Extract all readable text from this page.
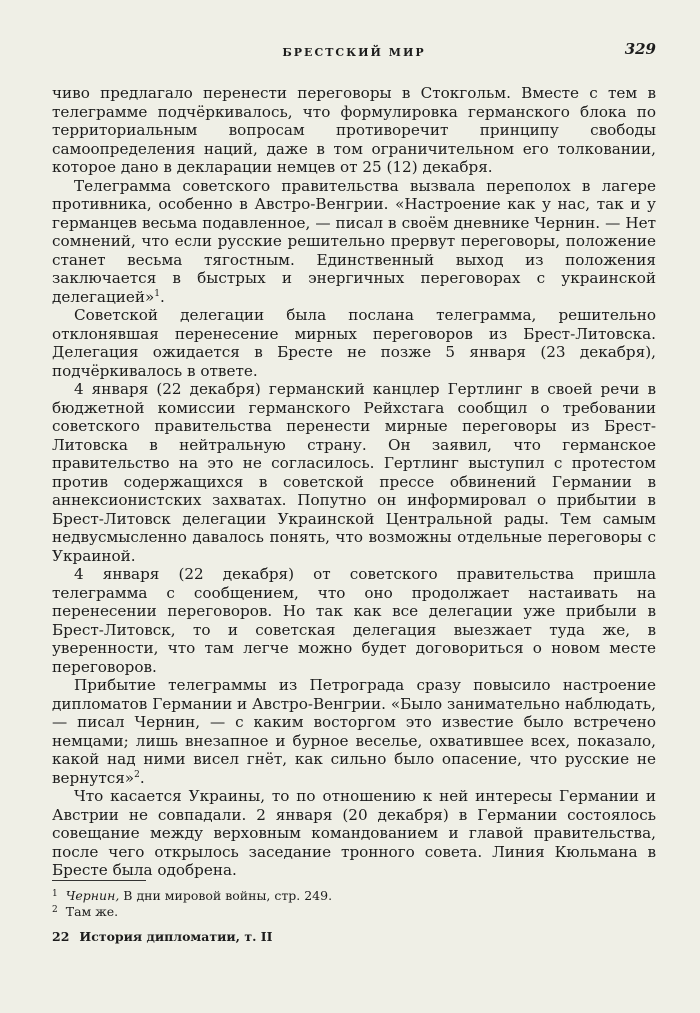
БРЕСТСКИЙ МИР	329

чиво предлагало перенести переговоры в Стокгольм. Вместе с тем в телеграмме подчёркивалось, что формулировка германского блока по территориальным вопросам противоречит принципу свободы самоопределения наций, даже в том ограничительном его толковании, которое дано в декларации немцев от 25 (12) декабря.

Телеграмма советского правительства вызвала переполох в лагере противника, особенно в Австро-Венгрии. «Настроение как у нас, так и у германцев весьма подавленное, — писал в своём дневнике Чернин. — Нет сомнений, что если русские решительно прервут переговоры, положение станет весьма тягостным. Единственный выход из положения заключается в быстрых и энергичных переговорах с украинской делегацией»$^1$.

Советской делегации была послана телеграмма, решительно отклонявшая перенесение мирных переговоров из Брест-Литовска. Делегация ожидается в Бресте не позже 5 января (23 декабря), подчёркивалось в ответе.

4 января (22 декабря) германский канцлер Гертлинг в своей речи в бюджетной комиссии германского Рейхстага сообщил о требовании советского правительства перенести мирные переговоры из Брест-Литовска в нейтральную страну. Он заявил, что германское правительство на это не согласилось. Гертлинг выступил с протестом против содержащихся в советской прессе обвинений Германии в аннексионистских захватах. Попутно он информировал о прибытии в Брест-Литовск делегации Украинской Центральной рады. Тем самым недвусмысленно давалось понять, что возможны отдельные переговоры с Украиной.

4 января (22 декабря) от советского правительства пришла телеграмма с сообщением, что оно продолжает настаивать на перенесении переговоров. Но так как все делегации уже прибыли в Брест-Литовск, то и советская делегация выезжает туда же, в уверенности, что там легче можно будет договориться о новом месте переговоров.

Прибытие телеграммы из Петрограда сразу повысило настроение дипломатов Германии и Австро-Венгрии. «Было занимательно наблюдать, — писал Чернин, — с каким восторгом это известие было встречено немцами; лишь внезапное и бурное веселье, охватившее всех, показало, какой над ними висел гнёт, как сильно было опасение, что русские не вернутся»$^2$.

Что касается Украины, то по отношению к ней интересы Германии и Австрии не совпадали. 2 января (20 декабря) в Германии состоялось совещание между верховным командованием и главой правительства, после чего открылось заседание тронного совета. Линия Кюльмана в Бресте была одобрена.

$^1$ Чернин, В дни мировой войны, стр. 249.

$^2$ Там же.

22 История дипломатии, т. II
